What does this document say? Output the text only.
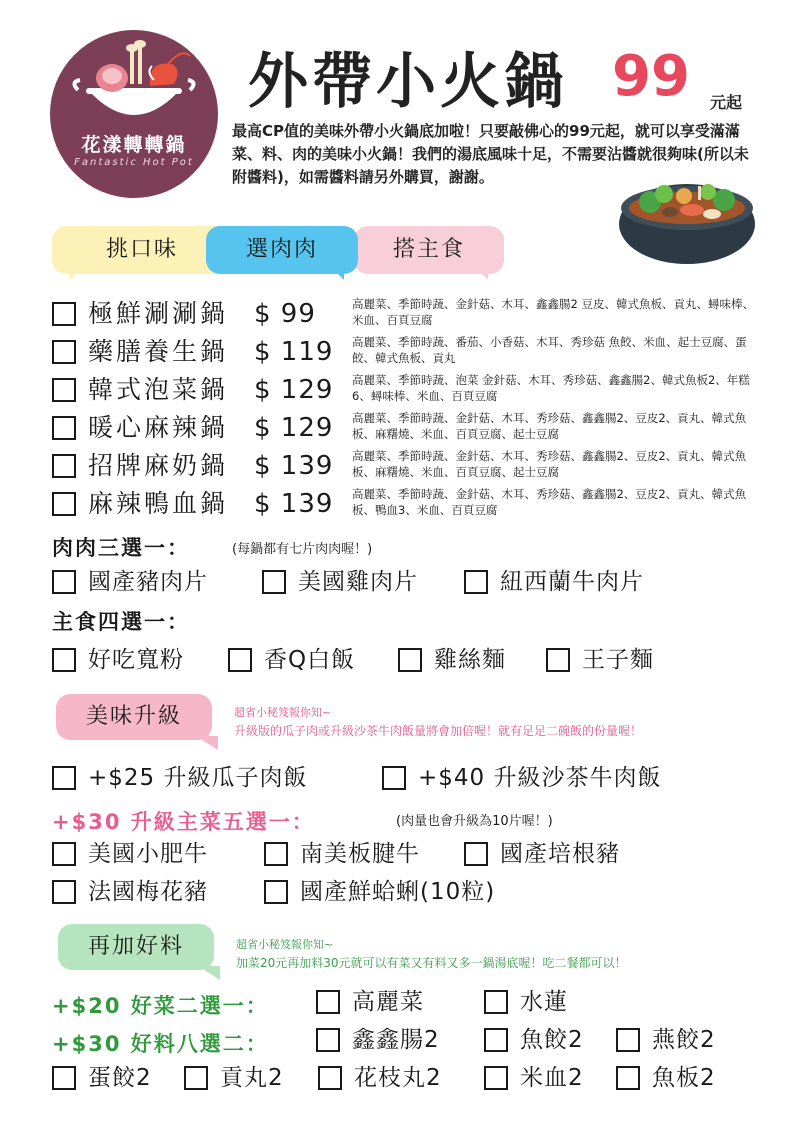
花漾轉轉鍋
Fantastic Hot Pot
外帶小火鍋 99 元起
最高CP值的美味外帶小火鍋底加啦！只要敲佛心的99元起，就可以享受滿滿菜、料、肉的美味小火鍋！我們的湯底風味十足，不需要沾醬就很夠味(所以未附醬料)，如需醬料請另外購買，謝謝。
挑口味	搭主食
選肉肉
極鮮涮涮鍋 $ 99	高麗菜、季節時蔬、金針菇、木耳、鑫鑫腸2 豆皮、韓式魚板、貢丸、蟳味棒、米血、百頁豆腐
藥膳養生鍋 $ 119 高麗菜、季節時蔬、番茄、小香菇、木耳、秀珍菇 魚餃、米血、起士豆腐、蛋餃、韓式魚板、貢丸
韓式泡菜鍋 $ 129 高麗菜、季節時蔬、泡菜 金針菇、木耳、秀珍菇、鑫鑫腸2、韓式魚板2、年糕6、蟳味棒、米血、百頁豆腐
暖心麻辣鍋 $ 129 高麗菜、季節時蔬、金針菇、木耳、秀珍菇、鑫鑫腸2、豆皮2、貢丸、韓式魚板、麻糬燒、米血、百頁豆腐、起士豆腐
招牌麻奶鍋 $ 139 高麗菜、季節時蔬、金針菇、木耳、秀珍菇、鑫鑫腸2、豆皮2、貢丸、韓式魚板、麻糬燒、米血、百頁豆腐、起士豆腐
麻辣鴨血鍋 $ 139 高麗菜、季節時蔬、金針菇、木耳、秀珍菇、鑫鑫腸2、豆皮2、貢丸、韓式魚板、鴨血3、米血、百頁豆腐
肉肉三選一：	(每鍋都有七片肉肉喔！)
國產豬肉片	美國雞肉片	紐西蘭牛肉片
主食四選一：
好吃寬粉	香Q白飯	雞絲麵	王子麵
美味升級	超省小秘笈報你知~
升級版的瓜子肉或升級沙茶牛肉飯量將會加倍喔！就有足足二碗飯的份量喔！
+$25 升級瓜子肉飯	+$40 升級沙茶牛肉飯
+$30 升級主菜五選一：	(肉量也會升級為10片喔！)
美國小肥牛	南美板腱牛	國產培根豬
法國梅花豬	國產鮮蛤蜊(10粒)
再加好料	超省小秘笈報你知~
加菜20元再加料30元就可以有菜又有料又多一鍋湯底喔！吃二餐都可以！
+$20 好菜二選一：	高麗菜	水蓮
+$30 好料八選二：	鑫鑫腸2	魚餃2	燕餃2
蛋餃2	貢丸2	花枝丸2	米血2	魚板2
